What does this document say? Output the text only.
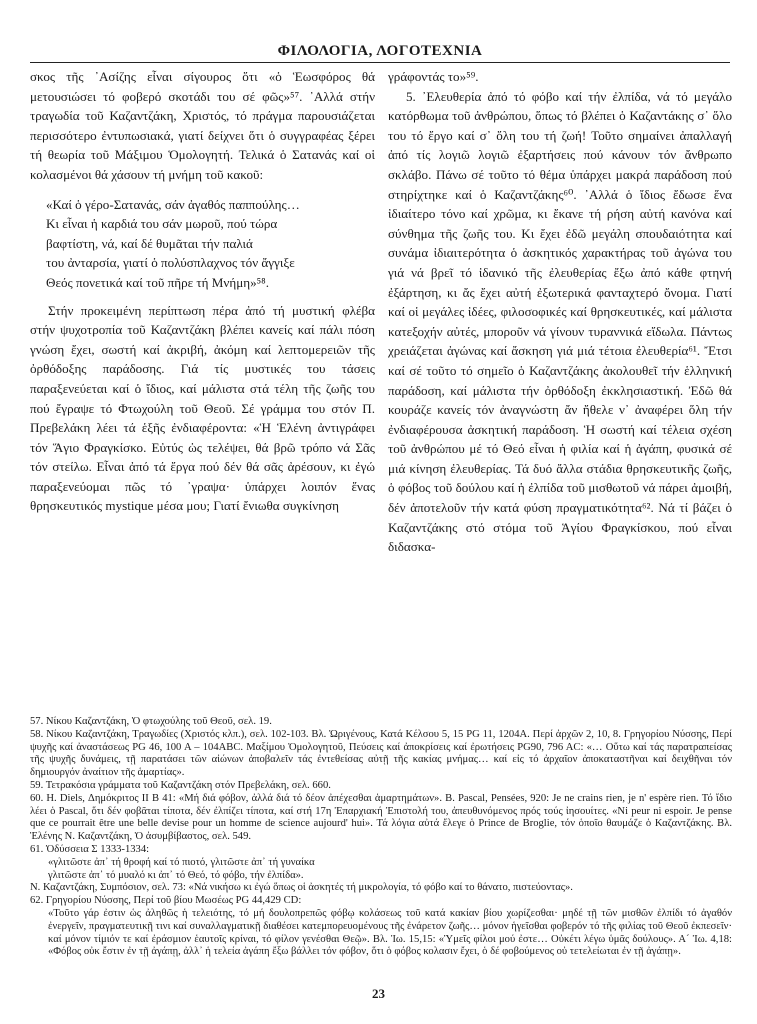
ΦΙΛΟΛΟΓΙΑ, ΛΟΓΟΤΕΧΝΙΑ

σκος τῆς ᾿Ασίζης εἶναι σίγουρος ὅτι «ὁ Ἑωσφόρος θά μετουσιώσει τό φοβερό σκοτάδι του σέ φῶς»⁵⁷. ᾿Αλλά στήν τραγωδία τοῦ Καζαντζάκη, Χριστός, τό πράγμα παρουσιάζεται περισσότερο ἐντυπωσιακά, γιατί δείχνει ὅτι ὁ συγγραφέας ξέρει τή θεωρία τοῦ Μάξιμου Ὁμολογητή. Τελικά ὁ Σατανάς καί οἱ κολασμένοι θά χάσουν τή μνήμη τοῦ κακοῦ:

«Καί ὁ γέρο-Σατανάς, σάν ἀγαθός παππούλης…
Κι εἶναι ἡ καρδιά του σάν μωροῦ, πού τώρα
βαφτίστη, νά, καί δέ θυμᾶται τήν παλιά
του ἀνταρσία, γιατί ὁ πολύσπλαχνος τόν ἄγγιξε
Θεός πονετικά καί τοῦ πῆρε τή Μνήμη»⁵⁸.

Στήν προκειμένη περίπτωση πέρα ἀπό τή μυστική φλέβα στήν ψυχοτροπία τοῦ Καζαντζάκη βλέπει κανείς καί πάλι πόση γνώση ἔχει, σωστή καί ἀκριβή, ἀκόμη καί λεπτομερειῶν τῆς ὀρθόδοξης παράδοσης. Γιά τίς μυστικές του τάσεις παραξενεύεται καί ὁ ἴδιος, καί μάλιστα στά τέλη τῆς ζωῆς του πού ἔγραψε τό Φτωχούλη τοῦ Θεοῦ. Σέ γράμμα του στόν Π. Πρεβελάκη λέει τά ἑξῆς ἐνδιαφέροντα: «Ἡ Ἑλένη ἀντιγράφει τόν Ἅγιο Φραγκίσκο. Εὐτύς ὡς τελέψει, θά βρῶ τρόπο νά Σᾶς τόν στείλω. Εἶναι ἀπό τά ἔργα πού δέν θά σᾶς ἀρέσουν, κι ἐγώ παραξενεύομαι πῶς τό ᾽γραψα· ὑπάρχει λοιπόν ἕνας θρησκευτικός mystique μέσα μου; Γιατί ἔνιωθα συγκίνηση

γράφοντάς το»⁵⁹.

5. ᾿Ελευθερία ἀπό τό φόβο καί τήν ἐλπίδα, νά τό μεγάλο κατόρθωμα τοῦ ἀνθρώπου, ὅπως τό βλέπει ὁ Καζαντάκης σ᾽ ὅλο του τό ἔργο καί σ᾽ ὅλη του τή ζωή! Τοῦτο σημαίνει ἀπαλλαγή ἀπό τίς λογιῶ λογιῶ ἐξαρτήσεις πού κάνουν τόν ἄνθρωπο σκλάβο. Πάνω σέ τοῦτο τό θέμα ὑπάρχει μακρά παράδοση πού στηρίχτηκε καί ὁ Καζαντζάκης⁶⁰. ᾿Αλλά ὁ ἴδιος ἔδωσε ἕνα ἰδιαίτερο τόνο καί χρῶμα, κι ἔκανε τή ρήση αὐτή κανόνα καί σύνθημα τῆς ζωῆς του. Κι ἔχει ἐδῶ μεγάλη σπουδαιότητα καί συνάμα ἰδιαιτερότητα ὁ ἀσκητικός χαρακτήρας τοῦ ἀγώνα του γιά νά βρεῖ τό ἰδανικό τῆς ἐλευθερίας ἔξω ἀπό κάθε φτηνή ἐξάρτηση, κι ἄς ἔχει αὐτή ἐξωτερικά φανταχτερό ὄνομα. Γιατί καί οἱ μεγάλες ἰδέες, φιλοσοφικές καί θρησκευτικές, καί μάλιστα κατεξοχήν αὐτές, μποροῦν νά γίνουν τυραννικά εἴδωλα. Πάντως χρειάζεται ἀγώνας καί ἄσκηση γιά μιά τέτοια ἐλευθερία⁶¹. Ἔτσι καί σέ τοῦτο τό σημεῖο ὁ Καζαντζάκης ἀκολουθεῖ τήν ἑλληνική παράδοση, καί μάλιστα τήν ὀρθόδοξη ἐκκλησιαστική. Ἐδῶ θά κουράζε κανείς τόν ἀναγνώστη ἄν ἤθελε ν᾽ ἀναφέρει ὅλη τήν ἐνδιαφέρουσα ἀσκητική παράδοση. Ἡ σωστή καί τέλεια σχέση τοῦ ἀνθρώπου μέ τό Θεό εἶναι ἡ φιλία καί ἡ ἀγάπη, φυσικά σέ μιά κίνηση ἐλευθερίας. Τά δυό ἄλλα στάδια θρησκευτικῆς ζωῆς, ὁ φόβος τοῦ δούλου καί ἡ ἐλπίδα τοῦ μισθωτοῦ νά πάρει ἀμοιβή, δέν ἀποτελοῦν τήν κατά φύση πραγματικότητα⁶². Νά τί βάζει ὁ Καζαντζάκης στό στόμα τοῦ Ἁγίου Φραγκίσκου, πού εἶναι διδασκα-

57. Νίκου Καζαντζάκη, Ὁ φτωχούλης τοῦ Θεοῦ, σελ. 19.

58. Νίκου Καζαντζάκη, Τραγωδίες (Χριστός κλπ.), σελ. 102-103. Βλ. Ὠριγένους, Κατά Κέλσου 5, 15 PG 11, 1204A. Περί ἀρχῶν 2, 10, 8. Γρηγορίου Νύσσης, Περί ψυχῆς καί ἀναστάσεως PG 46, 100 A – 104ABC. Μαξίμου Ὁμολογητοῦ, Πεύσεις καί ἀποκρίσεις καί ἐρωτήσεις PG90, 796 AC: «… Οὕτω καί τάς παρατραπείσας τῆς ψυχῆς δυνάμεις, τῇ παρατάσει τῶν αἰώνων ἀποβαλεῖν τάς ἐντεθείσας αὐτῇ τῆς κακίας μνήμας… καί εἰς τό ἀρχαῖον ἀποκαταστῆναι καί δειχθῆναι τόν δημιουργόν ἀναίτιον τῆς ἁμαρτίας».

59. Τετρακόσια γράμματα τοῦ Καζαντζάκη στόν Πρεβελάκη, σελ. 660.

60. H. Diels, Δημόκριτος II B 41: «Μή διά φόβον, ἀλλά διά τό δέον ἀπέχεσθαι ἁμαρτημάτων». B. Pascal, Pensées, 920: Je ne crains rien, je n' espère rien. Τό ἴδιο λέει ὁ Pascal, ὅτι δέν φοβᾶται τίποτα, δέν ἐλπίζει τίποτα, καί στή 17η Ἐπαρχιακή Ἐπιστολή του, ἀπευθυνόμενος πρός τούς ἰησουίτες. «Ni peur ni espoir. Je pense que ce pourrait être une belle devise pour un homme de science aujourd' hui». Τά λόγια αὐτά ἔλεγε ὁ Prince de Broglie, τόν ὁποῖο θαυμάζε ὁ Καζαντζάκης. Βλ. Ἑλένης Ν. Καζαντζάκη, Ὁ ἀσυμβίβαστος, σελ. 549.

61. Ὀδύσσεια Σ 1333-1334:

«γλιτῶστε ἀπ᾽ τή θροφή καί τό πιοτό, γλιτῶστε ἀπ᾽ τή γυναίκα

γλιτῶστε ἀπ᾽ τό μυαλό κι ἀπ᾽ τό Θεό, τό φόβο, τήν ἐλπίδα».

Ν. Καζαντζάκη, Συμπόσιον, σελ. 73: «Νά νικήσω κι ἐγώ ὅπως οἱ ἀσκητές τή μικρολογία, τό φόβο καί το θάνατο, πιστεύοντας».

62. Γρηγορίου Νύσσης, Περί τοῦ βίου Μωσέως PG 44,429 CD:

«Τοῦτο γάρ ἐστιν ὡς ἀληθῶς ἡ τελειότης, τό μή δουλοπρεπῶς φόβῳ κολάσεως τοῦ κατά κακίαν βίου χωρίζεσθαι· μηδέ τῇ τῶν μισθῶν ἐλπίδι τό ἀγαθόν ἐνεργεῖν, πραγματευτικῇ τινι καί συναλλαγματικῇ διαθέσει κατεμπορευομένους τῆς ἐνάρετον ζωῆς… μόνον ἡγεῖσθαι φοβερόν τό τῆς φιλίας τοῦ Θεοῦ ἐκπεσεῖν· καί μόνον τίμιόν τε καί ἐράσμιον ἑαυτοῖς κρίναι, τό φίλον γενέσθαι Θεῷ». Βλ. Ἰω. 15,15: «Ὑμεῖς φίλοι μού ἐστε… Οὐκέτι λέγω ὑμᾶς δούλους». Α´ Ἰω. 4,18: «Φόβος οὐκ ἔστιν ἐν τῇ ἀγάπῃ, ἀλλ᾽ ἡ τελεία ἀγάπη ἔξω βάλλει τόν φόβον, ὅτι ὁ φόβος κολασιν ἔχει, ὁ δέ φοβούμενος οὐ τετελείωται ἐν τῇ ἀγάπῃ».

23
